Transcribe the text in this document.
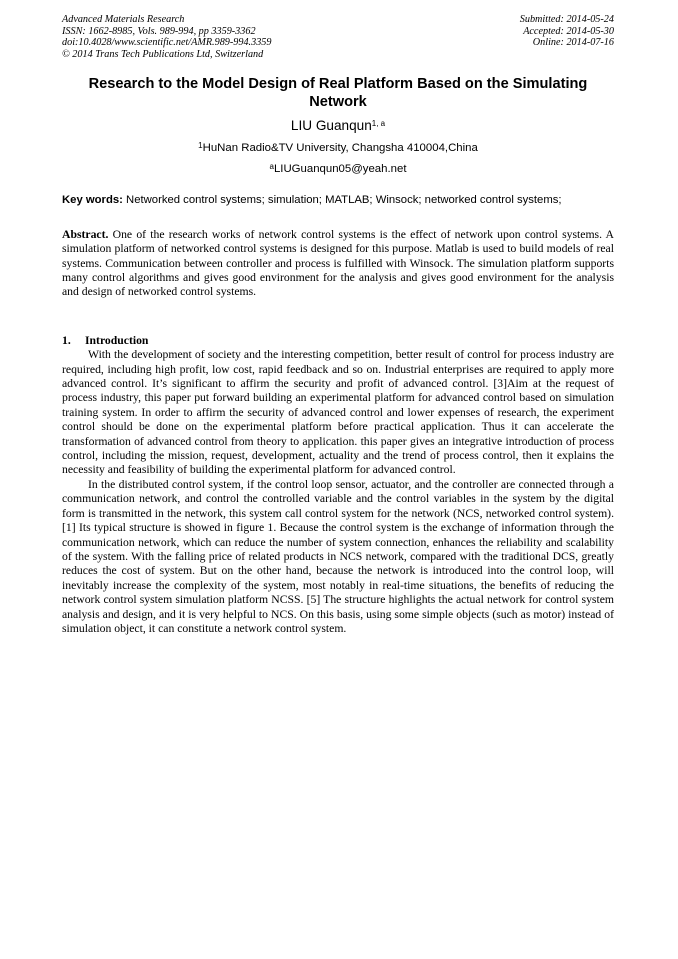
Advanced Materials Research
ISSN: 1662-8985, Vols. 989-994, pp 3359-3362
doi:10.4028/www.scientific.net/AMR.989-994.3359
© 2014 Trans Tech Publications Ltd, Switzerland
Submitted: 2014-05-24
Accepted: 2014-05-30
Online: 2014-07-16
Research to the Model Design of Real Platform Based on the Simulating Network
LIU Guanqun$^{1, a}$
$^1$HuNan Radio&TV University, Changsha 410004,China
$^a$LIUGuanqun05@yeah.net
Key words: Networked control systems; simulation; MATLAB; Winsock; networked control systems;
Abstract. One of the research works of network control systems is the effect of network upon control systems. A simulation platform of networked control systems is designed for this purpose. Matlab is used to build models of real systems. Communication between controller and process is fulfilled with Winsock. The simulation platform supports many control algorithms and gives good environment for the analysis and gives good environment for the analysis and design of networked control systems.
1. Introduction

With the development of society and the interesting competition, better result of control for process industry are required, including high profit, low cost, rapid feedback and so on. Industrial enterprises are required to apply more advanced control. It’s significant to affirm the security and profit of advanced control. [3]Aim at the request of process industry, this paper put forward building an experimental platform for advanced control based on simulation training system. In order to affirm the security of advanced control and lower expenses of research, the experiment control should be done on the experimental platform before practical application. Thus it can accelerate the transformation of advanced control from theory to application. this paper gives an integrative introduction of process control, including the mission, request, development, actuality and the trend of process control, then it explains the necessity and feasibility of building the experimental platform for advanced control.

In the distributed control system, if the control loop sensor, actuator, and the controller are connected through a communication network, and control the controlled variable and the control variables in the system by the digital form is transmitted in the network, this system call control system for the network (NCS, networked control system). [1] Its typical structure is showed in figure 1. Because the control system is the exchange of information through the communication network, which can reduce the number of system connection, enhances the reliability and scalability of the system. With the falling price of related products in NCS network, compared with the traditional DCS, greatly reduces the cost of system. But on the other hand, because the network is introduced into the control loop, will inevitably increase the complexity of the system, most notably in real-time situations, the benefits of reducing the network control system simulation platform NCSS. [5] The structure highlights the actual network for control system analysis and design, and it is very helpful to NCS. On this basis, using some simple objects (such as motor) instead of simulation object, it can constitute a network control system.
